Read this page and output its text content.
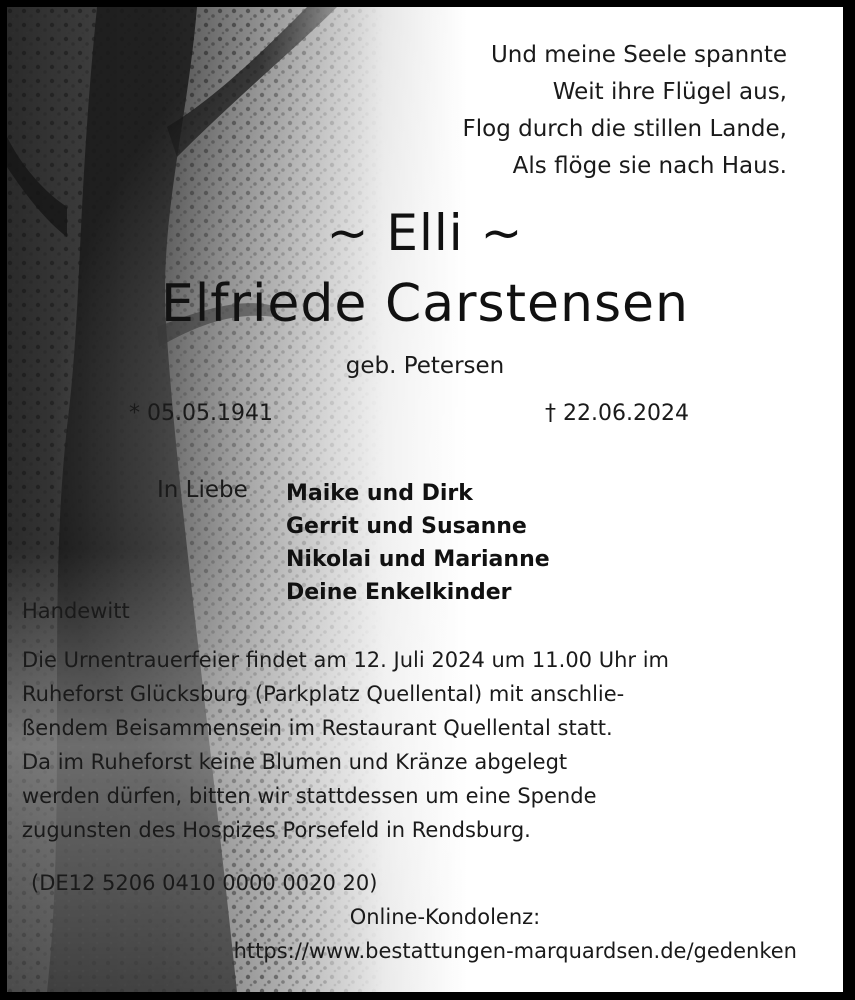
Und meine Seele spannte
Weit ihre Flügel aus,
Flog durch die stillen Lande,
Als flöge sie nach Haus.
~ Elli ~
Elfriede Carstensen
geb. Petersen
* 05.05.1941	† 22.06.2024
In Liebe Maike und Dirk
Gerrit und Susanne
Nikolai und Marianne
Deine Enkelkinder
Handewitt
Die Urnentrauerfeier findet am 12. Juli 2024 um 11.00 Uhr im
Ruheforst Glücksburg (Parkplatz Quellental) mit anschlie-
ßendem Beisammensein im Restaurant Quellental statt.
Da im Ruheforst keine Blumen und Kränze abgelegt
werden dürfen, bitten wir stattdessen um eine Spende
zugunsten des Hospizes Porsefeld in Rendsburg.
(DE12 5206 0410 0000 0020 20)
Online-Kondolenz:
https://www.bestattungen-marquardsen.de/gedenken
